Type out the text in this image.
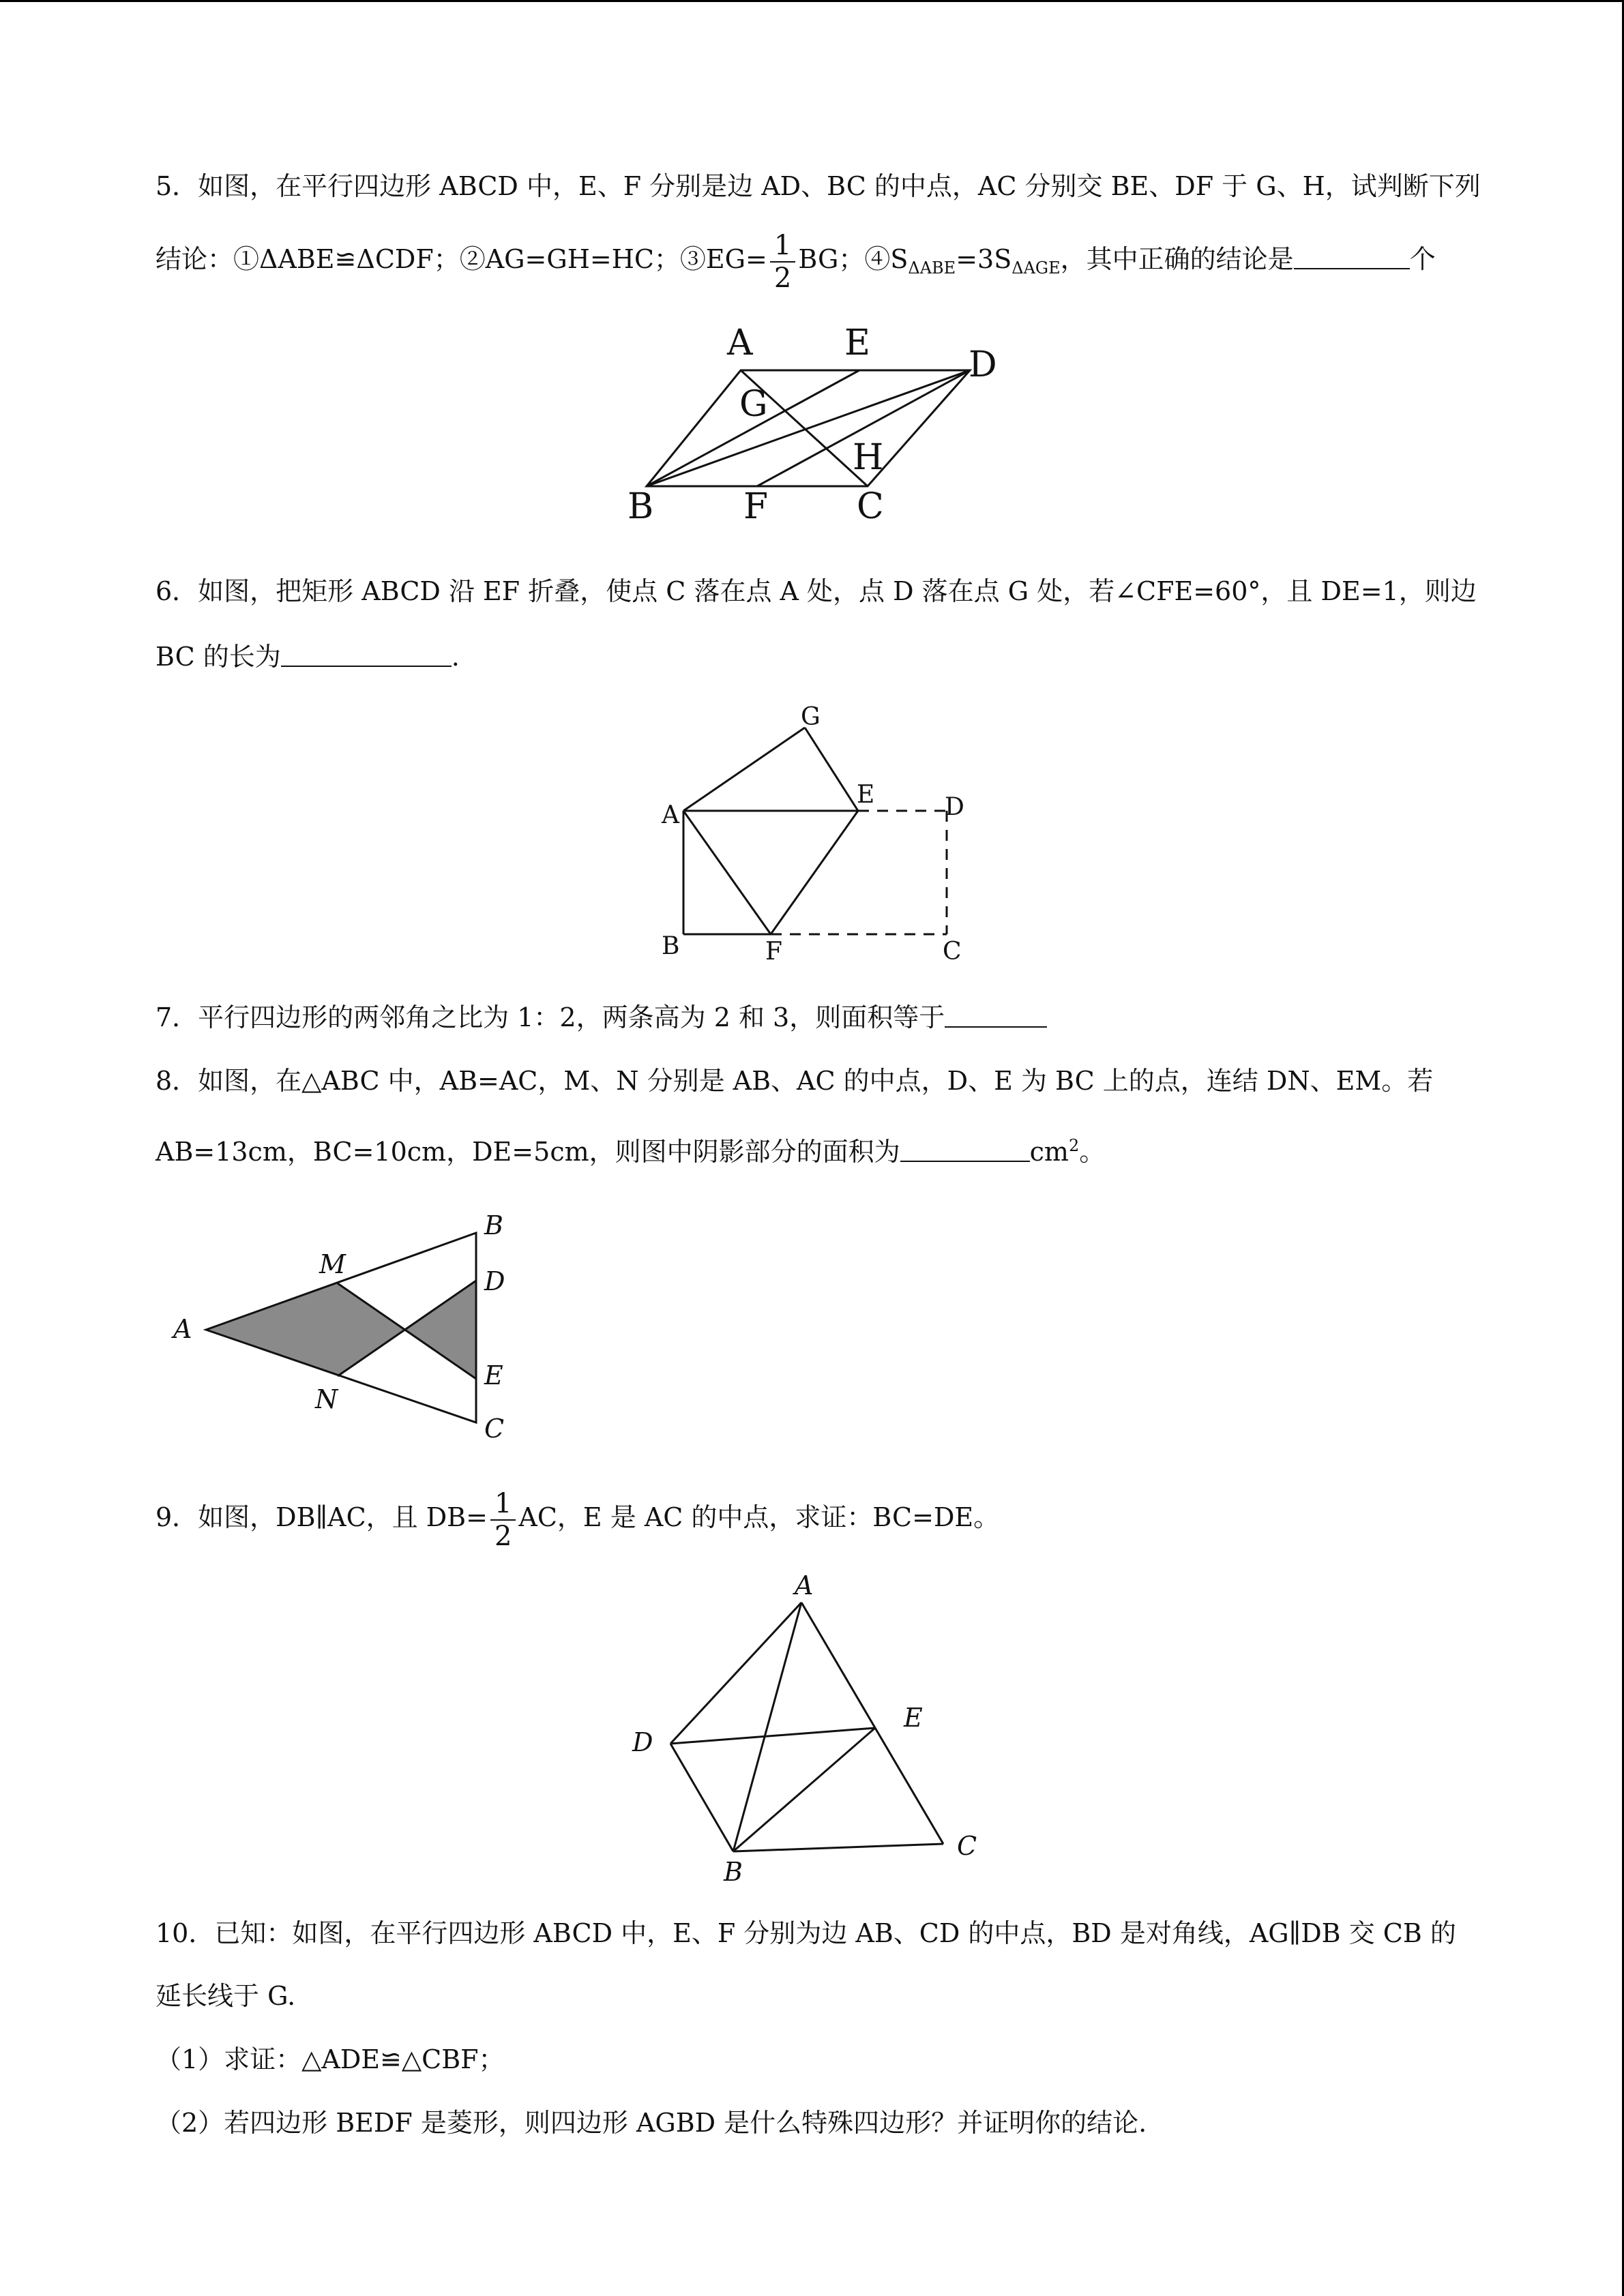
5．如图，在平行四边形 ABCD 中，E、F 分别是边 AD、BC 的中点，AC 分别交 BE、DF 于 G、H，试判断下列
结论：①ΔABE≌ΔCDF；②AG=GH=HC；③EG= $\frac{1}{2}$ BG；$④S_{\Delta ABE}=3S_{\Delta AGE}$，其中正确的结论是	个
A	E
D
G
H
B	F C
6．如图，把矩形 ABCD 沿 EF 折叠，使点 C 落在点 A 处，点 D 落在点 G 处，若∠CFE=60°，且 DE=1，则边
BC 的长为	.
G
A
E	D
B	F	C
7．平行四边形的两邻角之比为 1：2，两条高为 2 和 3，则面积等于
8．如图，在△ABC 中，AB=AC，M、N 分别是 AB、AC 的中点，D、E 为 BC 上的点，连结 DN、EM。若
AB=13cm，BC=10cm，DE=5cm，则图中阴影部分的面积为	$cm^2$。
A
M
N
B
D
E
C
9．如图，DB∥AC，且 $DB= \frac{1}{2}$ AC，E 是 AC 的中点，求证：BC=DE。
A
D
E
B
C
10．已知：如图，在平行四边形 ABCD 中，E、F 分别为边 AB、CD 的中点，BD 是对角线，AG∥DB 交 CB 的
延长线于 G.
（1）求证：△ADE≌△CBF；
（2）若四边形 BEDF 是菱形，则四边形 AGBD 是什么特殊四边形？并证明你的结论.
